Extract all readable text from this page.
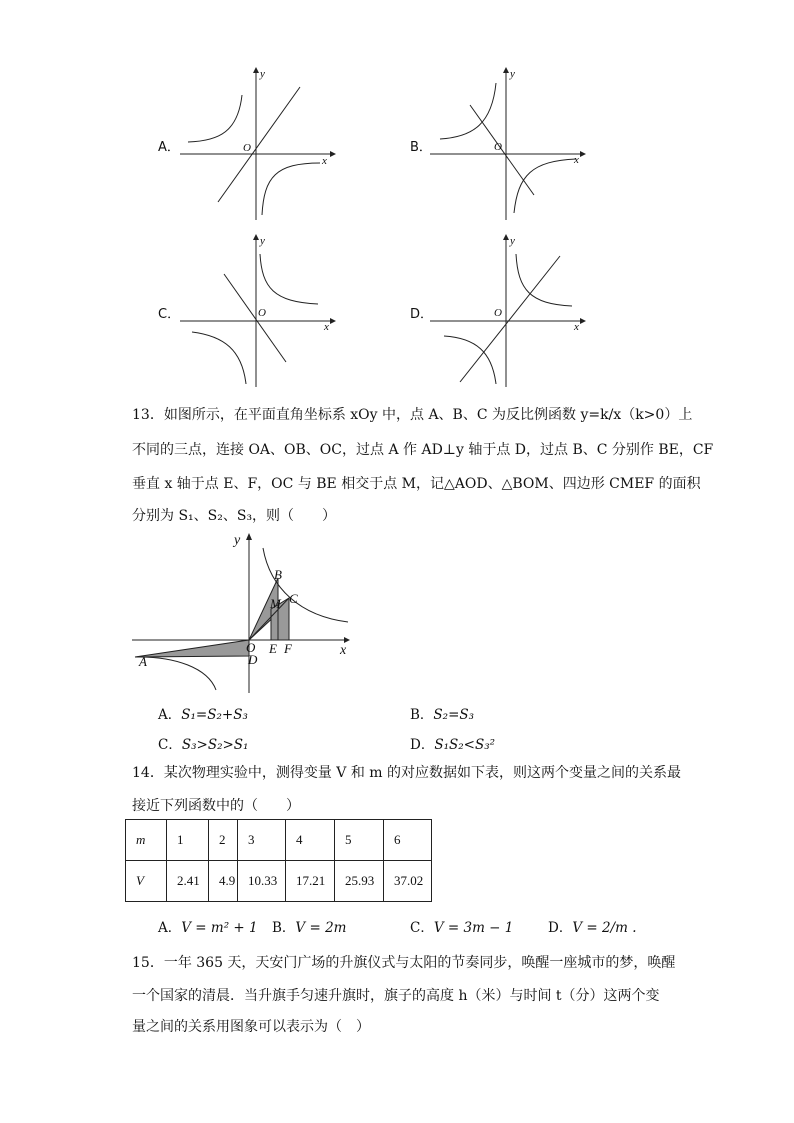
A．	B．
C．	D．
x
y
O
x
y
O
x
y
O
x
y
O
13．如图所示，在平面直角坐标系 xOy 中，点 A、B、C 为反比例函数 y=k/x（k>0）上
不同的三点，连接 OA、OB、OC，过点 A 作 AD⊥y 轴于点 D，过点 B、C 分别作 BE，CF
垂直 x 轴于点 E、F，OC 与 BE 相交于点 M，记△AOD、△BOM、四边形 CMEF 的面积
分别为 S₁、S₂、S₃，则（　　）
y
x
O
D
A
B
M C
E F
A．S₁=S₂+S₃	B．S₂=S₃
C．S₃>S₂>S₁	D．S₁S₂<S₃²
14．某次物理实验中，测得变量 V 和 m 的对应数据如下表，则这两个变量之间的关系最
接近下列函数中的（　　）
m	1	2	3	4	5	6
V	2.41	4.9	10.33	17.21	25.93	37.02
A．V = m² + 1 B．V = 2m	C．V = 3m − 1	D．V = 2/m .
15．一年 365 天，天安门广场的升旗仪式与太阳的节奏同步，唤醒一座城市的梦，唤醒
一个国家的清晨．当升旗手匀速升旗时，旗子的高度 h（米）与时间 t（分）这两个变
量之间的关系用图象可以表示为（　）
